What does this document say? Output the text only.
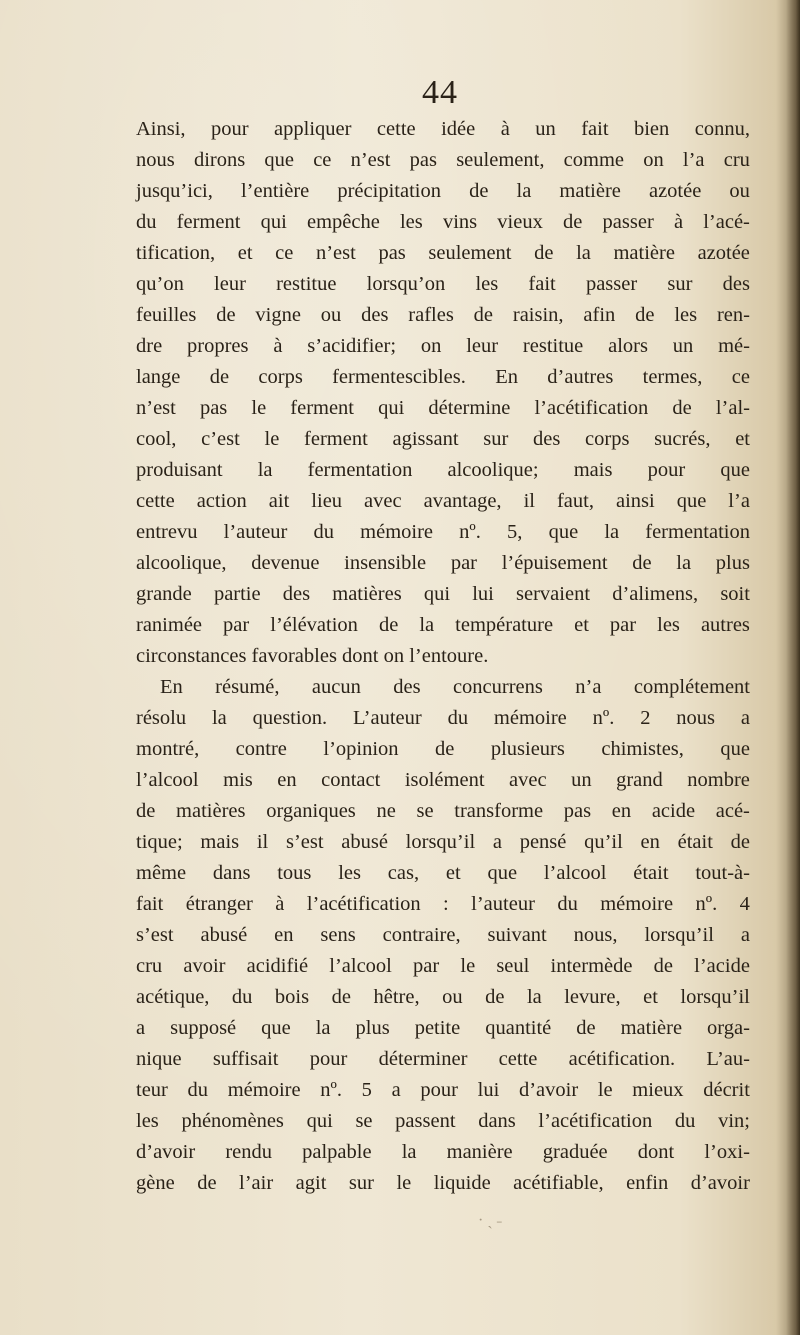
44
Ainsi, pour appliquer cette idée à un fait bien connu,
nous dirons que ce n’est pas seulement, comme on l’a cru
jusqu’ici, l’entière précipitation de la matière azotée ou
du ferment qui empêche les vins vieux de passer à l’acé-
tification, et ce n’est pas seulement de la matière azotée
qu’on leur restitue lorsqu’on les fait passer sur des
feuilles de vigne ou des rafles de raisin, afin de les ren-
dre propres à s’acidifier; on leur restitue alors un mé-
lange de corps fermentescibles. En d’autres termes, ce
n’est pas le ferment qui détermine l’acétification de l’al-
cool, c’est le ferment agissant sur des corps sucrés, et
produisant la fermentation alcoolique; mais pour que
cette action ait lieu avec avantage, il faut, ainsi que l’a
entrevu l’auteur du mémoire nº. 5, que la fermentation
alcoolique, devenue insensible par l’épuisement de la plus
grande partie des matières qui lui servaient d’alimens, soit
ranimée par l’élévation de la température et par les autres
circonstances favorables dont on l’entoure.
En résumé, aucun des concurrens n’a complétement
résolu la question. L’auteur du mémoire nº. 2 nous a
montré, contre l’opinion de plusieurs chimistes, que
l’alcool mis en contact isolément avec un grand nombre
de matières organiques ne se transforme pas en acide acé-
tique; mais il s’est abusé lorsqu’il a pensé qu’il en était de
même dans tous les cas, et que l’alcool était tout-à-
fait étranger à l’acétification : l’auteur du mémoire nº. 4
s’est abusé en sens contraire, suivant nous, lorsqu’il a
cru avoir acidifié l’alcool par le seul intermède de l’acide
acétique, du bois de hêtre, ou de la levure, et lorsqu’il
a supposé que la plus petite quantité de matière orga-
nique suffisait pour déterminer cette acétification. L’au-
teur du mémoire nº. 5 a pour lui d’avoir le mieux décrit
les phénomènes qui se passent dans l’acétification du vin;
d’avoir rendu palpable la manière graduée dont l’oxi-
gène de l’air agit sur le liquide acétifiable, enfin d’avoir
· ˏ ˗
